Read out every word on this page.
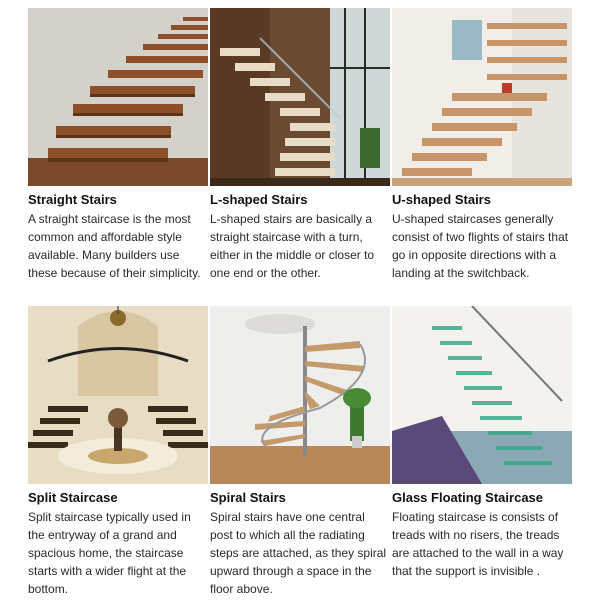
Straight Stairs
A straight staircase is the most common and affordable style available. Many builders use these because of their simplicity.
L-shaped Stairs
L-shaped stairs are basically a straight staircase with a turn, either in the middle or closer to one end or the other.
U-shaped Stairs
U-shaped staircases generally consist of two flights of stairs that go in opposite directions with a landing at the switchback.
Split Staircase
Split staircase typically used in the entryway of a grand and spacious home, the staircase starts with a wider flight at the bottom.
Spiral Stairs
Spiral stairs have one central post to which all the radiating steps are attached, as they spiral upward through a space in the floor above.
Glass Floating Staircase
Floating staircase is consists of treads with no risers, the treads are attached to the wall in a way that the support is invisible .
